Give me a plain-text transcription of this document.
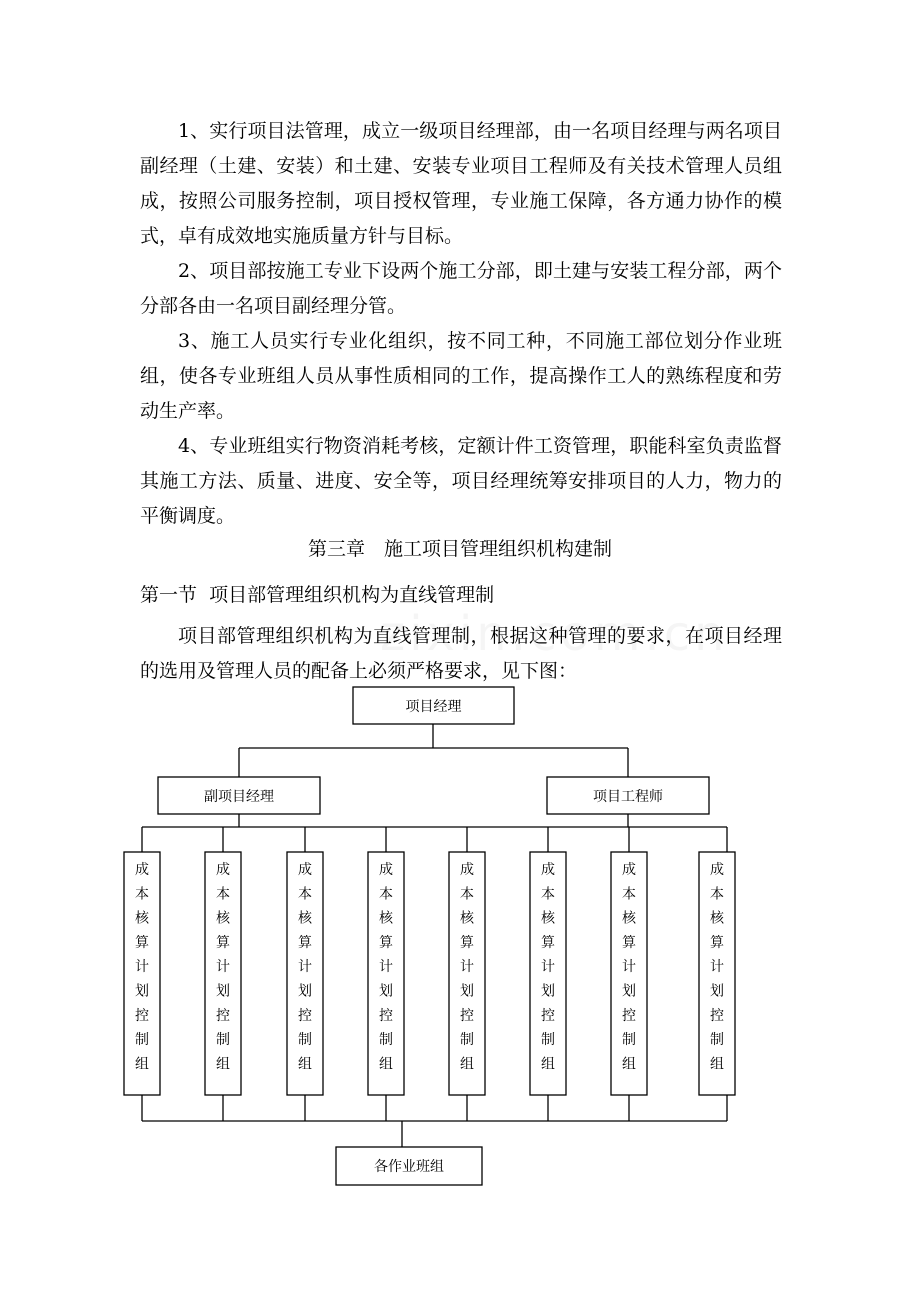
1、实行项目法管理，成立一级项目经理部，由一名项目经理与两名项目副经理（土建、安装）和土建、安装专业项目工程师及有关技术管理人员组成，按照公司服务控制，项目授权管理，专业施工保障，各方通力协作的模式，卓有成效地实施质量方针与目标。

2、项目部按施工专业下设两个施工分部，即土建与安装工程分部，两个分部各由一名项目副经理分管。

3、施工人员实行专业化组织，按不同工种，不同施工部位划分作业班组，使各专业班组人员从事性质相同的工作，提高操作工人的熟练程度和劳动生产率。

4、专业班组实行物资消耗考核，定额计件工资管理，职能科室负责监督其施工方法、质量、进度、安全等，项目经理统筹安排项目的人力，物力的平衡调度。

第三章　施工项目管理组织机构建制

第一节  项目部管理组织机构为直线管理制

项目部管理组织机构为直线管理制，根据这种管理的要求，在项目经理的选用及管理人员的配备上必须严格要求，见下图：

项目经理
副项目经理	项目工程师
成本核算计划控制组
成本核算计划控制组
成本核算计划控制组
成本核算计划控制组
成本核算计划控制组
成本核算计划控制组
成本核算计划控制组
成本核算计划控制组
各作业班组
